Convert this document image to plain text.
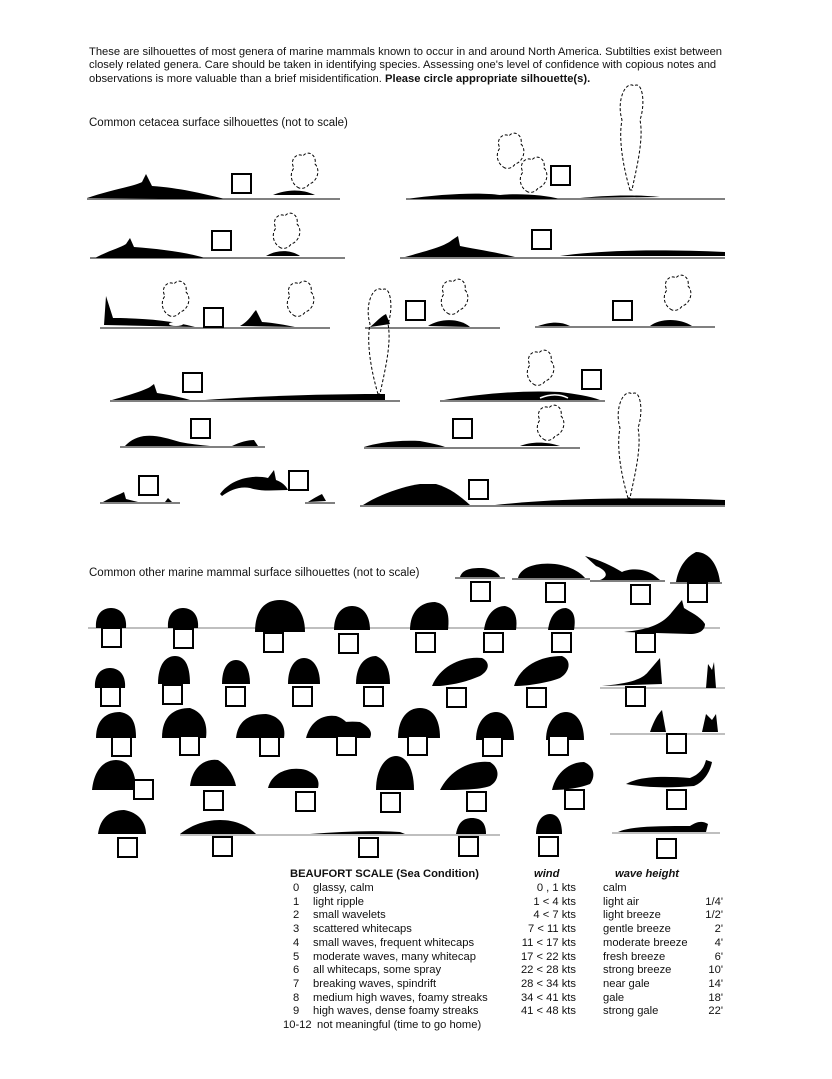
These are silhouettes of most genera of marine mammals known to occur in and around North America. Subtilties exist between closely related genera. Care should be taken in identifying species. Assessing one's level of confidence with copious notes and observations is more valuable than a brief misidentification. Please circle appropriate silhouette(s).
Common cetacea surface silhouettes (not to scale)
Common other marine mammal surface silhouettes (not to scale)
BEAUFORT SCALE (Sea Condition)	wind	wave height
0 glassy, calm	0 , 1 kts calm
1 light ripple	1 < 4 kts light air	1/4'
2 small wavelets	4 < 7 kts light breeze	1/2'
3 scattered whitecaps	7 < 11 kts gentle breeze	2'
4 small waves, frequent whitecaps	11 < 17 kts moderate breeze 4'
5 moderate waves, many whitecap	17 < 22 kts fresh breeze	6'
6 all whitecaps, some spray	22 < 28 kts strong breeze	10'
7 breaking waves, spindrift	28 < 34 kts near gale	14'
8 medium high waves, foamy streaks	34 < 41 kts gale	18'
9 high waves, dense foamy streaks	41 < 48 kts strong gale	22'
10-12 not meaningful (time to go home)
